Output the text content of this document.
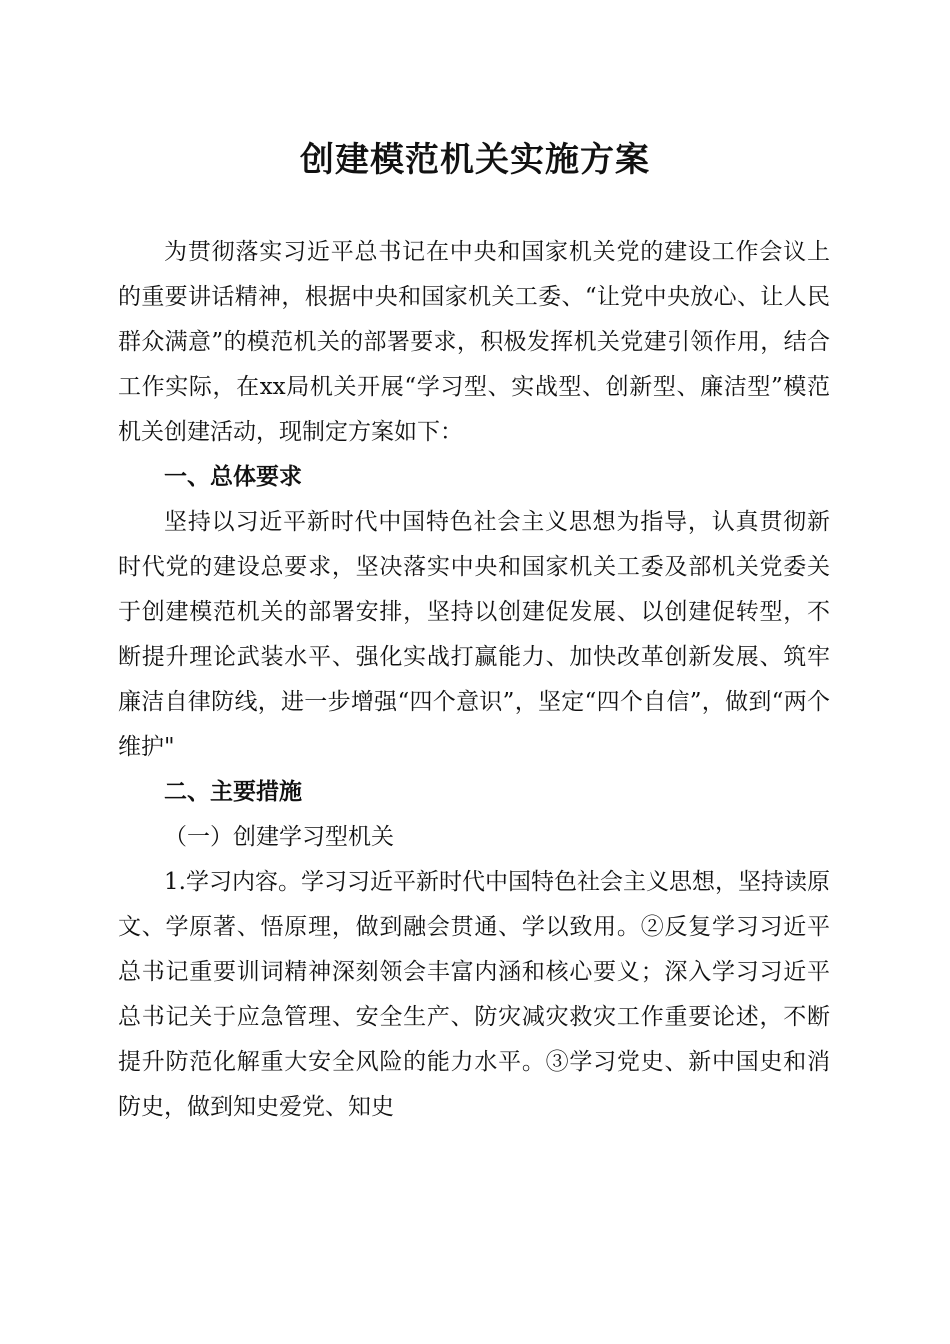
创建模范机关实施方案

为贯彻落实习近平总书记在中央和国家机关党的建设工作会议上的重要讲话精神，根据中央和国家机关工委、“让党中央放心、让人民群众满意”的模范机关的部署要求，积极发挥机关党建引领作用，结合工作实际，在xx局机关开展“学习型、实战型、创新型、廉洁型”模范机关创建活动，现制定方案如下：

一、总体要求

坚持以习近平新时代中国特色社会主义思想为指导，认真贯彻新时代党的建设总要求，坚决落实中央和国家机关工委及部机关党委关于创建模范机关的部署安排，坚持以创建促发展、以创建促转型，不断提升理论武装水平、强化实战打赢能力、加快改革创新发展、筑牢廉洁自律防线，进一步增强“四个意识”，坚定“四个自信”，做到“两个维护"

二、主要措施

（一）创建学习型机关

1.学习内容。学习习近平新时代中国特色社会主义思想，坚持读原文、学原著、悟原理，做到融会贯通、学以致用。②反复学习习近平总书记重要训词精神深刻领会丰富内涵和核心要义；深入学习习近平总书记关于应急管理、安全生产、防灾减灾救灾工作重要论述，不断提升防范化解重大安全风险的能力水平。③学习党史、新中国史和消防史，做到知史爱党、知史
